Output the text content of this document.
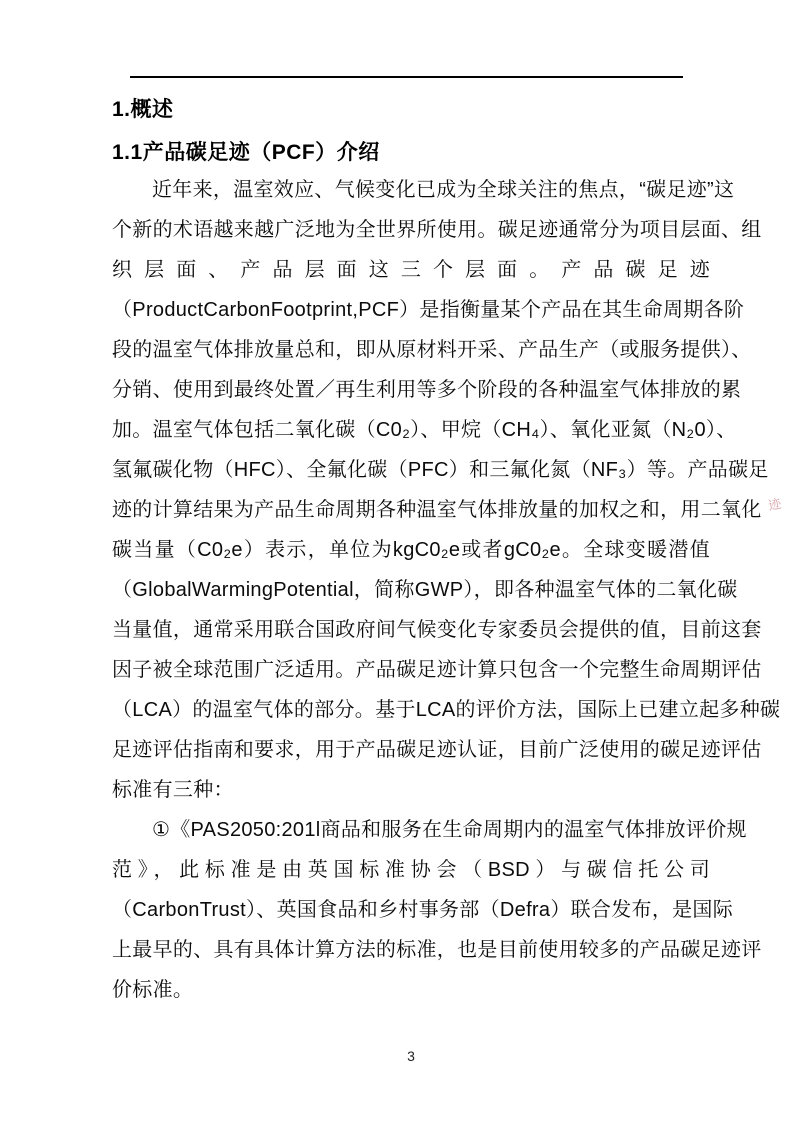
1.概述
1.1产品碳足迹（PCF）介绍
近年来，温室效应、气候变化已成为全球关注的焦点，“碳足迹”这
个新的术语越来越广泛地为全世界所使用。碳足迹通常分为项目层面、组
织层面、产品层面这三个层面。产品碳足迹
（ProductCarbonFootprint,PCF）是指衡量某个产品在其生命周期各阶
段的温室气体排放量总和，即从原材料开采、产品生产（或服务提供）、
分销、使用到最终处置／再生利用等多个阶段的各种温室气体排放的累
加。温室气体包括二氧化碳（C0₂）、甲烷（CH₄）、氧化亚氮（N₂0）、
氢氟碳化物（HFC）、全氟化碳（PFC）和三氟化氮（NF₃）等。产品碳足
迹的计算结果为产品生命周期各种温室气体排放量的加权之和，用二氧化
碳当量（C0₂e）表示，单位为kgC0₂e或者gC0₂e。全球变暖潜值
（GlobalWarmingPotential，简称GWP），即各种温室气体的二氧化碳
当量值，通常采用联合国政府间气候变化专家委员会提供的值，目前这套
因子被全球范围广泛适用。产品碳足迹计算只包含一个完整生命周期评估
（LCA）的温室气体的部分。基于LCA的评价方法，国际上已建立起多种碳
足迹评估指南和要求，用于产品碳足迹认证，目前广泛使用的碳足迹评估
标准有三种：
①《PAS2050:201l商品和服务在生命周期内的温室气体排放评价规
范》，此标准是由英国标准协会（BSD）与碳信托公司
（CarbonTrust）、英国食品和乡村事务部（Defra）联合发布，是国际
上最早的、具有具体计算方法的标准，也是目前使用较多的产品碳足迹评
价标准。
迹
3
